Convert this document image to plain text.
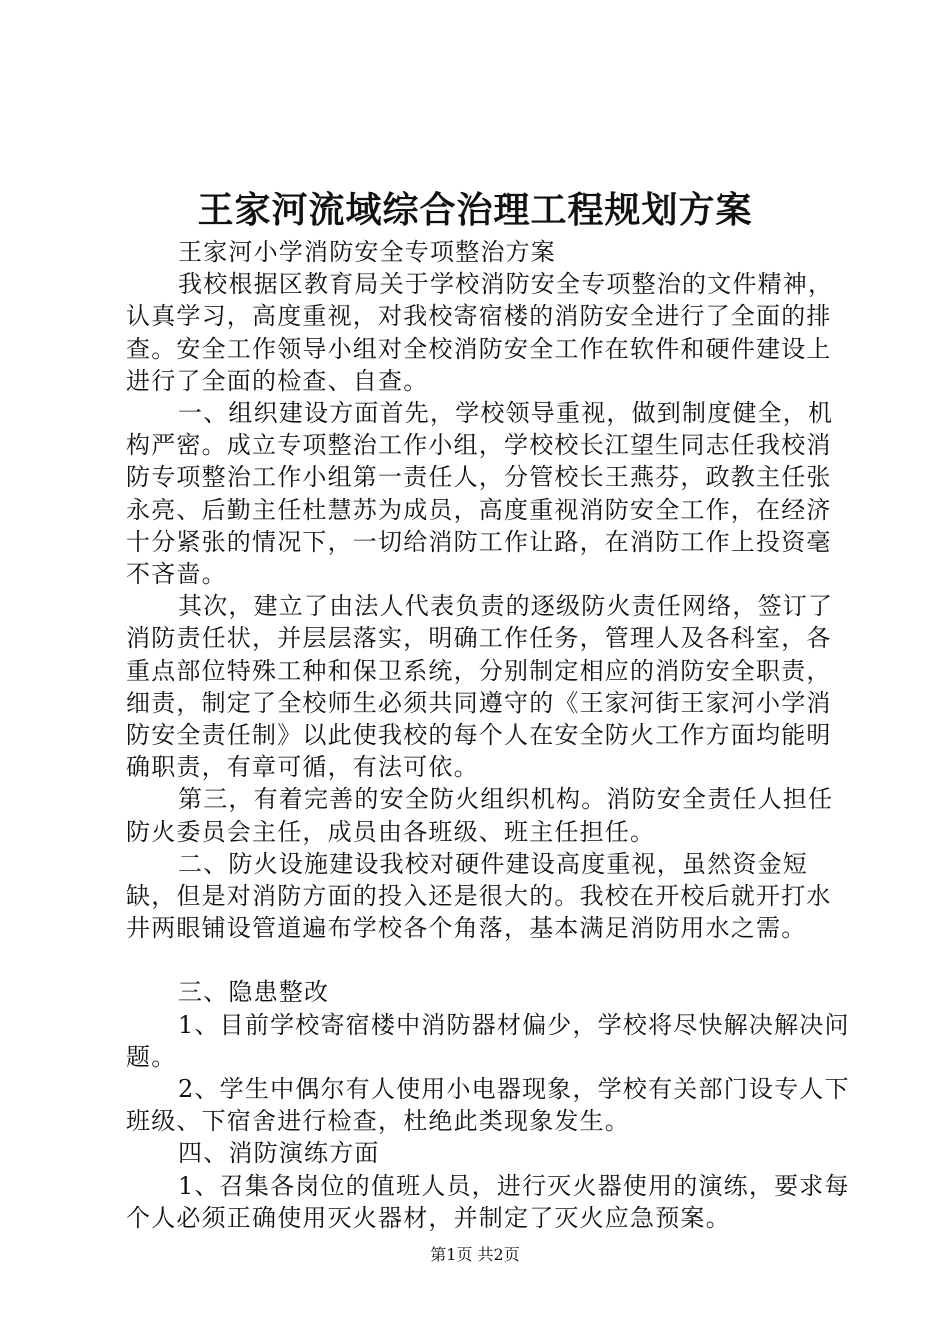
王家河流域综合治理工程规划方案

王家河小学消防安全专项整治方案

我校根据区教育局关于学校消防安全专项整治的文件精神，认真学习，高度重视，对我校寄宿楼的消防安全进行了全面的排查。安全工作领导小组对全校消防安全工作在软件和硬件建设上进行了全面的检查、自查。

一、组织建设方面首先，学校领导重视，做到制度健全，机构严密。成立专项整治工作小组，学校校长江望生同志任我校消防专项整治工作小组第一责任人，分管校长王燕芬，政教主任张永亮、后勤主任杜慧苏为成员，高度重视消防安全工作，在经济十分紧张的情况下，一切给消防工作让路，在消防工作上投资毫不吝啬。

其次，建立了由法人代表负责的逐级防火责任网络，签订了消防责任状，并层层落实，明确工作任务，管理人及各科室，各重点部位特殊工种和保卫系统，分别制定相应的消防安全职责，细责，制定了全校师生必须共同遵守的《王家河街王家河小学消防安全责任制》以此使我校的每个人在安全防火工作方面均能明确职责，有章可循，有法可依。

第三，有着完善的安全防火组织机构。消防安全责任人担任防火委员会主任，成员由各班级、班主任担任。

二、防火设施建设我校对硬件建设高度重视，虽然资金短缺，但是对消防方面的投入还是很大的。我校在开校后就开打水井两眼铺设管道遍布学校各个角落，基本满足消防用水之需。

三、隐患整改

1、目前学校寄宿楼中消防器材偏少，学校将尽快解决解决问题。

2、学生中偶尔有人使用小电器现象，学校有关部门设专人下班级、下宿舍进行检查，杜绝此类现象发生。

四、消防演练方面

1、召集各岗位的值班人员，进行灭火器使用的演练，要求每个人必须正确使用灭火器材，并制定了灭火应急预案。

第1页 共2页
